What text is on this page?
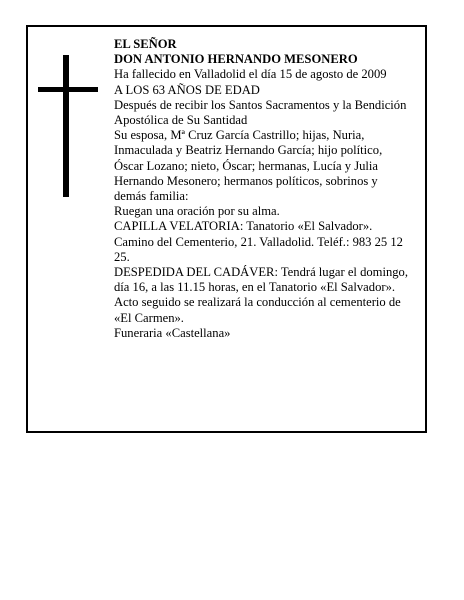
EL SEÑOR

DON ANTONIO HERNANDO MESONERO

Ha fallecido en Valladolid el día 15 de agosto de 2009

A LOS 63 AÑOS DE EDAD

Después de recibir los Santos Sacramentos y la Bendición Apostólica de Su Santidad

Su esposa, Mª Cruz García Castrillo; hijas, Nuria, Inmaculada y Beatriz Hernando García; hijo político, Óscar Lozano; nieto, Óscar; hermanas, Lucía y Julia Hernando Mesonero; hermanos políticos, sobrinos y demás familia:

Ruegan una oración por su alma.

CAPILLA VELATORIA: Tanatorio «El Salvador». Camino del Cementerio, 21. Valladolid. Teléf.: 983 25 12 25.

DESPEDIDA DEL CADÁVER: Tendrá lugar el domingo, día 16, a las 11.15 horas, en el Tanatorio «El Salvador». Acto seguido se realizará la conducción al cementerio de «El Carmen».

Funeraria «Castellana»
